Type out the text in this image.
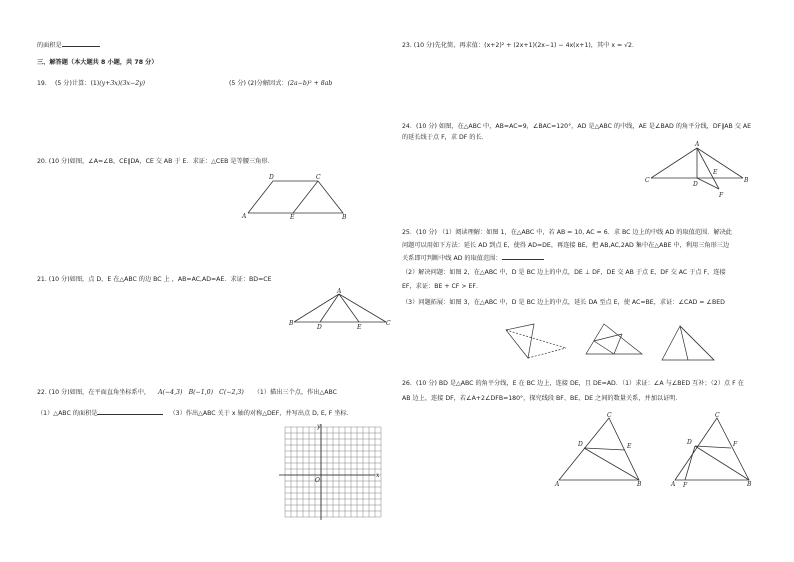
的面积是
三、解答题（本大题共 8 小题，共 78 分）
19. 　(5 分)计算：(1)(y+3x)(3x−2y)	(5 分) (2)分解因式：(2a−b)² + 8ab
20. (10 分)如图，∠A=∠B，CE∥DA，CE 交 AB 于 E．求证：△CEB 是等腰三角形．
D	C
A	E	B
21. (10 分)如图，点 D，E 在△ABC 的边 BC 上 ，AB=AC,AD=AE．求证：BD=CE
A
B
D	E
C
22. (10 分)如图，在平面直角坐标系中， A(−4,3)　B(−1,0)　C(−2,3) （1）描出三个点，作出△ABC
（1）△ABC 的面积是	（3）作出△ABC 关于 x 轴的对称△DEF，并写出点 D, E, F 坐标．
y
O
x
23. (10 分)先化简，再求值：(x+2)² + (2x+1)(2x−1) − 4x(x+1)，其中 x = √2．
24．(10 分) 如图，在△ABC 中，AB=AC=9，∠BAC=120°，AD 是△ABC 的中线，AE 是∠BAD 的角平分线，DF∥AB 交 AE
的延长线于点 F，求 DF 的长．
A
C
D
E
B
F
25．(10 分) （1）阅读理解：如图 1，在△ABC 中，若 AB = 10, AC = 6．求 BC 边上的中线 AD 的取值范围．解决此
问题可以用如下方法：延长 AD 到点 E，使得 AD=DE，再连接 BE，把 AB,AC,2AD 集中在△ABE 中，利用三角形三边
关系即可判断中线 AD 的取值范围：
（2）解决问题：如图 2，在△ABC 中，D 是 BC 边上的中点，DE ⊥ DF，DE 交 AB 于点 E，DF 交 AC 于点 F，连接
EF，求证：BE + CF > EF．
（3）问题拓展：如图 3，在△ABC 中，D 是 BC 边上的中点，延长 DA 至点 E，使 AC=BE，求证：∠CAD = ∠BED
26．(10 分) BD 是△ABC 的角平分线，E 在 BC 边上，连接 DE，且 DE=AD．（1）求证：∠A 与∠BED 互补；（2）点 F 在
AB 边上，连接 DF，若∠A+2∠DFB=180°，探究线段 BF、BE、DE 之间的数量关系，并加以证明．
C
D	E
A	B
C
D	F
A F	B
